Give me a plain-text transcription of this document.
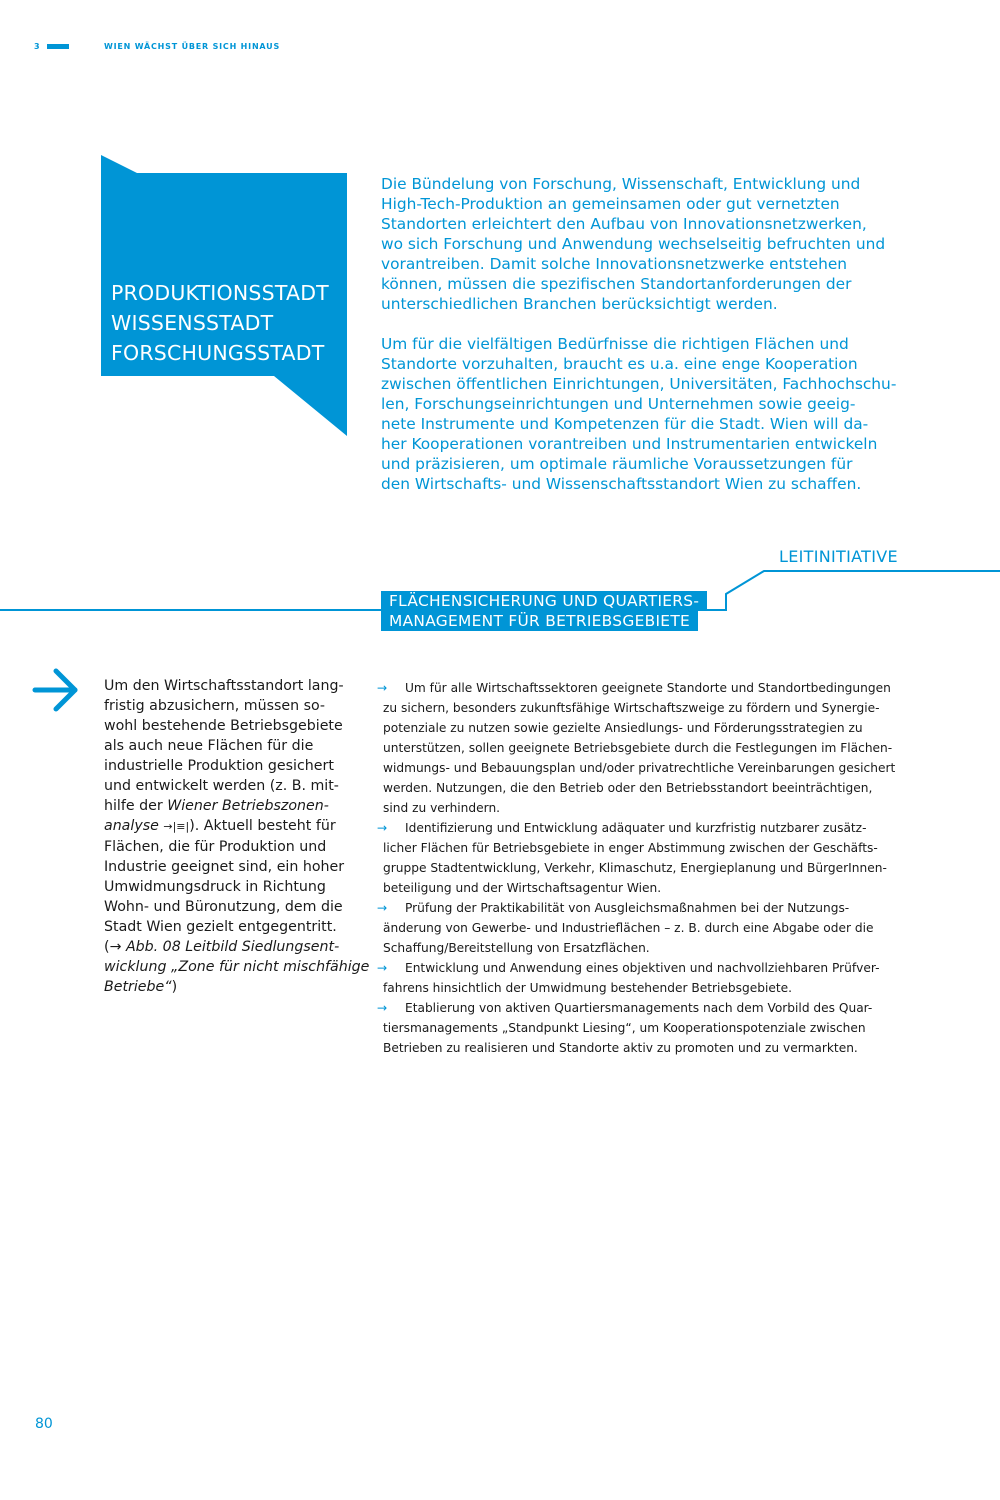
3	WIEN WÄCHST ÜBER SICH HINAUS
PRODUKTIONSSTADT
WISSENSSTADT
FORSCHUNGSSTADT

Die Bündelung von Forschung, Wissenschaft, Entwicklung und
High-Tech-Produktion an gemeinsamen oder gut vernetzten
Standorten erleichtert den Aufbau von Innovationsnetzwerken,
wo sich Forschung und Anwendung wechselseitig befruchten und
vorantreiben. Damit solche Innovationsnetzwerke entstehen
können, müssen die spezifischen Standortanforderungen der
unterschiedlichen Branchen berücksichtigt werden.

Um für die vielfältigen Bedürfnisse die richtigen Flächen und
Standorte vorzuhalten, braucht es u.a. eine enge Kooperation
zwischen öffentlichen Einrichtungen, Universitäten, Fachhochschu-
len, Forschungseinrichtungen und Unternehmen sowie geeig-
nete Instrumente und Kompetenzen für die Stadt. Wien will da-
her Kooperationen vorantreiben und Instrumentarien entwickeln
und präzisieren, um optimale räumliche Voraussetzungen für
den Wirtschafts- und Wissenschaftsstandort Wien zu schaffen.

LEITINITIATIVE
FLÄCHENSICHERUNG UND QUARTIERS-
MANAGEMENT FÜR BETRIEBSGEBIETE
Um den Wirtschaftsstandort lang-
fristig abzusichern, müssen so-
wohl bestehende Betriebsgebiete
als auch neue Flächen für die
industrielle Produktion gesichert
und entwickelt werden (z. B. mit-
hilfe der Wiener Betriebszonen-
analyse →|≡|). Aktuell besteht für
Flächen, die für Produktion und
Industrie geeignet sind, ein hoher
Umwidmungsdruck in Richtung
Wohn- und Büronutzung, dem die
Stadt Wien gezielt entgegentritt.
(→ Abb. 08 Leitbild Siedlungsent-
wicklung „Zone für nicht mischfähige
Betriebe“)
→ Um für alle Wirtschaftssektoren geeignete Standorte und Standortbedingungen
zu sichern, besonders zukunftsfähige Wirtschaftszweige zu fördern und Synergie-
potenziale zu nutzen sowie gezielte Ansiedlungs- und Förderungsstrategien zu
unterstützen, sollen geeignete Betriebsgebiete durch die Festlegungen im Flächen-
widmungs- und Bebauungsplan und/oder privatrechtliche Vereinbarungen gesichert
werden. Nutzungen, die den Betrieb oder den Betriebsstandort beeinträchtigen,
sind zu verhindern.
→ Identifizierung und Entwicklung adäquater und kurzfristig nutzbarer zusätz-
licher Flächen für Betriebsgebiete in enger Abstimmung zwischen der Geschäfts-
gruppe Stadtentwicklung, Verkehr, Klimaschutz, Energieplanung und BürgerInnen-
beteiligung und der Wirtschaftsagentur Wien.
→ Prüfung der Praktikabilität von Ausgleichsmaßnahmen bei der Nutzungs-
änderung von Gewerbe- und Industrieflächen – z. B. durch eine Abgabe oder die
Schaffung/Bereitstellung von Ersatzflächen.
→ Entwicklung und Anwendung eines objektiven und nachvollziehbaren Prüfver-
fahrens hinsichtlich der Umwidmung bestehender Betriebsgebiete.
→ Etablierung von aktiven Quartiersmanagements nach dem Vorbild des Quar-
tiersmanagements „Standpunkt Liesing“, um Kooperationspotenziale zwischen
Betrieben zu realisieren und Standorte aktiv zu promoten und zu vermarkten.
80
